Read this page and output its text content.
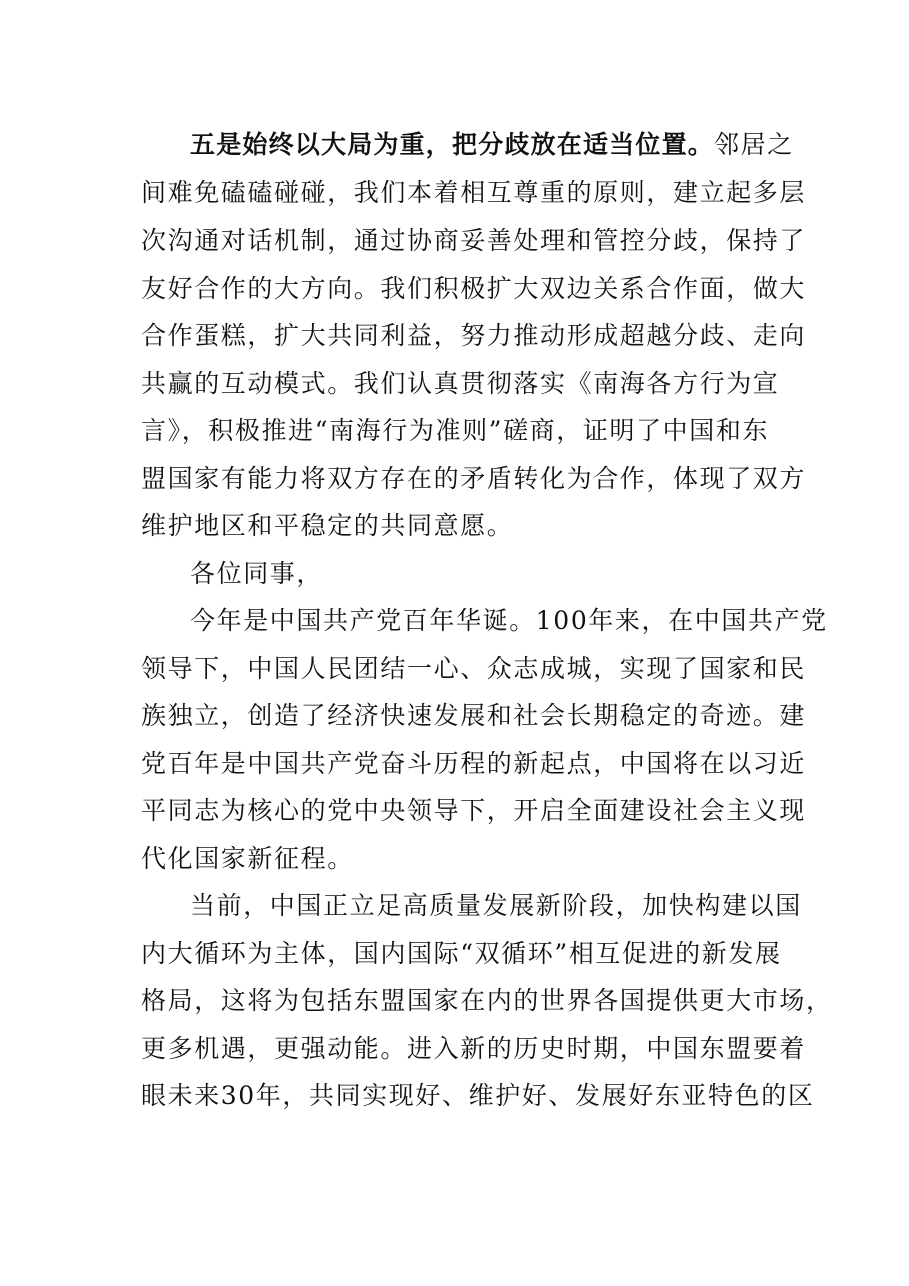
五是始终以大局为重，把分歧放在适当位置。邻居之
间难免磕磕碰碰，我们本着相互尊重的原则，建立起多层
次沟通对话机制，通过协商妥善处理和管控分歧，保持了
友好合作的大方向。我们积极扩大双边关系合作面，做大
合作蛋糕，扩大共同利益，努力推动形成超越分歧、走向
共赢的互动模式。我们认真贯彻落实《南海各方行为宣
言》，积极推进“南海行为准则”磋商，证明了中国和东
盟国家有能力将双方存在的矛盾转化为合作，体现了双方
维护地区和平稳定的共同意愿。
各位同事，
今年是中国共产党百年华诞。100年来，在中国共产党
领导下，中国人民团结一心、众志成城，实现了国家和民
族独立，创造了经济快速发展和社会长期稳定的奇迹。建
党百年是中国共产党奋斗历程的新起点，中国将在以习近
平同志为核心的党中央领导下，开启全面建设社会主义现
代化国家新征程。
当前，中国正立足高质量发展新阶段，加快构建以国
内大循环为主体，国内国际“双循环”相互促进的新发展
格局，这将为包括东盟国家在内的世界各国提供更大市场，
更多机遇，更强动能。进入新的历史时期，中国东盟要着
眼未来30年，共同实现好、维护好、发展好东亚特色的区
